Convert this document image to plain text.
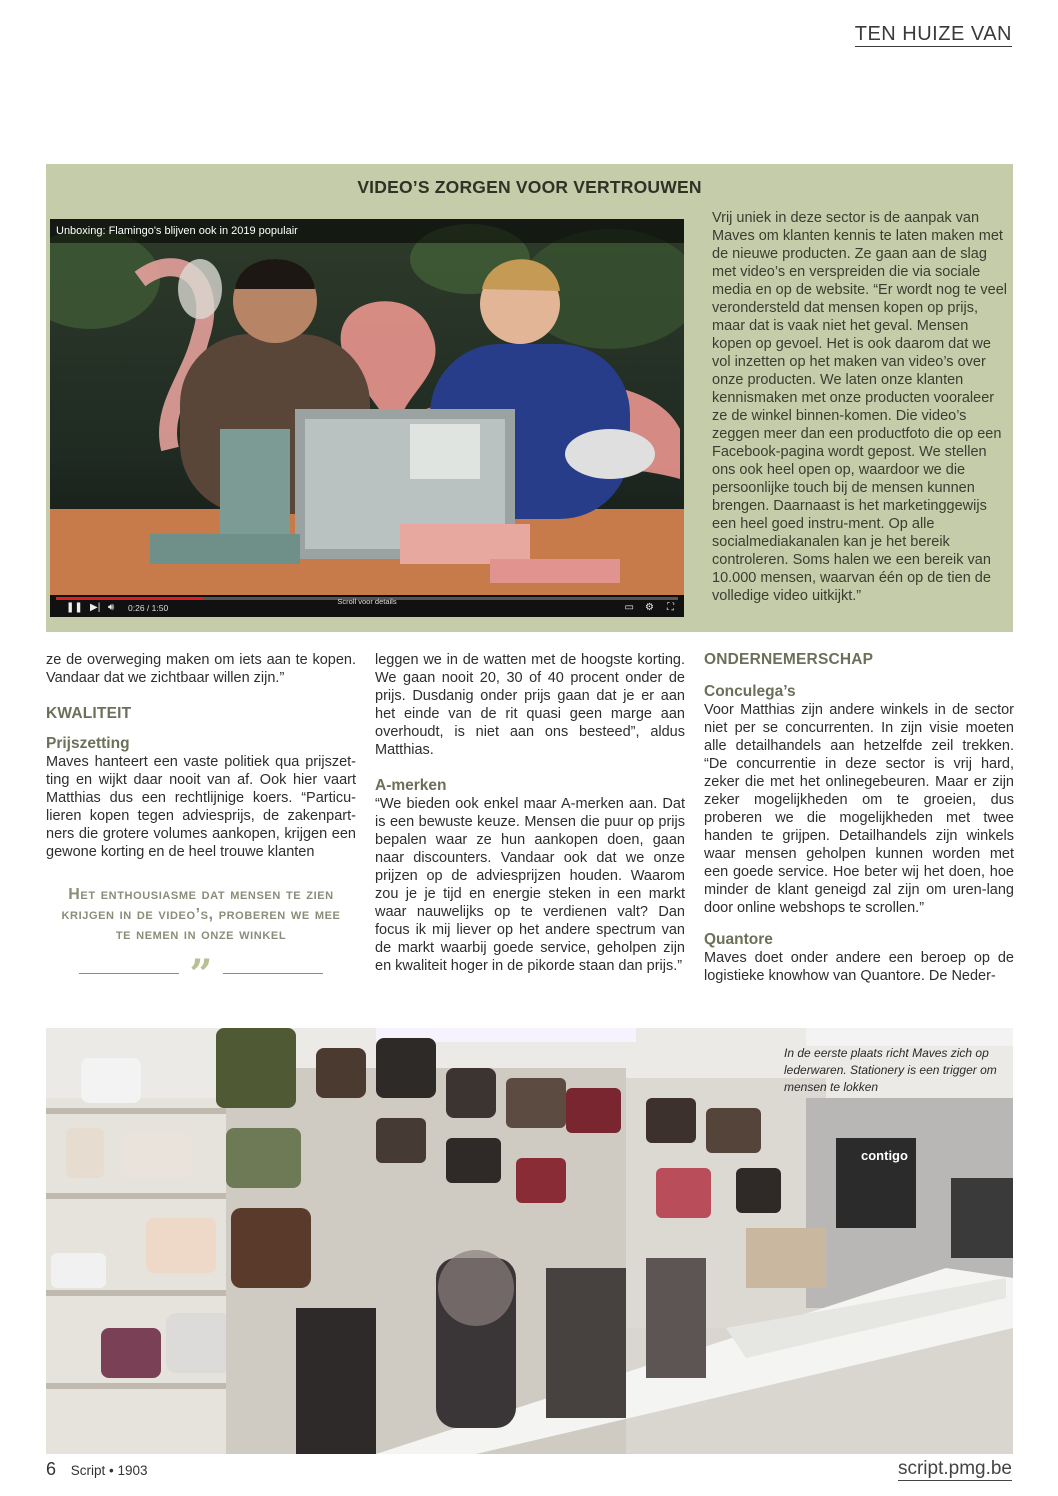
TEN HUIZE VAN
VIDEO’S ZORGEN VOOR VERTROUWEN
Unboxing: Flamingo's blijven ook in 2019 populair
❚❚ ▶| 🔊︎ 0:26 / 1:50
Scroll voor details
▭ ⚙ ⛶
Vrij uniek in deze sector is de aanpak van Maves om klanten kennis te laten maken met de nieuwe producten. Ze gaan aan de slag met video’s en verspreiden die via sociale media en op de website. “Er wordt nog te veel verondersteld dat mensen kopen op prijs, maar dat is vaak niet het geval. Mensen kopen op gevoel. Het is ook daarom dat we vol inzetten op het maken van video’s over onze producten. We laten onze klanten kennismaken met onze producten vooraleer ze de winkel binnen-komen. Die video’s zeggen meer dan een productfoto die op een Facebook-pagina wordt gepost. We stellen ons ook heel open op, waardoor we die persoonlijke touch bij de mensen kunnen brengen. Daarnaast is het marketinggewijs een heel goed instru-ment. Op alle socialmediakanalen kan je het bereik controleren. Soms halen we een bereik van 10.000 mensen, waarvan één op de tien de volledige video uitkijkt.”

ze de overweging maken om iets aan te kopen. Vandaar dat we zichtbaar willen zijn.”

KWALITEIT
Prijszetting

Maves hanteert een vaste politiek qua prijszet-ting en wijkt daar nooit van af. Ook hier vaart Matthias dus een rechtlijnige koers. “Particu-lieren kopen tegen adviesprijs, de zakenpart-ners die grotere volumes aankopen, krijgen een gewone korting en de heel trouwe klanten

Het enthousiasme dat mensen te zien krijgen in de video’s, proberen we mee te nemen in onze winkel
”

leggen we in de watten met de hoogste korting. We gaan nooit 20, 30 of 40 procent onder de prijs. Dusdanig onder prijs gaan dat je er aan het einde van de rit quasi geen marge aan overhoudt, is niet aan ons besteed”, aldus Matthias.

A-merken

“We bieden ook enkel maar A-merken aan. Dat is een bewuste keuze. Mensen die puur op prijs bepalen waar ze hun aankopen doen, gaan naar discounters. Vandaar ook dat we onze prijzen op de adviesprijzen houden. Waarom zou je je tijd en energie steken in een markt waar nauwelijks op te verdienen valt? Dan focus ik mij liever op het andere spectrum van de markt waarbij goede service, geholpen zijn en kwaliteit hoger in de pikorde staan dan prijs.”

ONDERNEMERSCHAP
Conculega’s

Voor Matthias zijn andere winkels in de sector niet per se concurrenten. In zijn visie moeten alle detailhandels aan hetzelfde zeil trekken. “De concurrentie in deze sector is vrij hard, zeker die met het onlinegebeuren. Maar er zijn zeker mogelijkheden om te groeien, dus proberen we die mogelijkheden met twee handen te grijpen. Detailhandels zijn winkels waar mensen geholpen kunnen worden met een goede service. Hoe beter wij het doen, hoe minder de klant geneigd zal zijn om uren-lang door online webshops te scrollen.”

Quantore

Maves doet onder andere een beroep op de logistieke knowhow van Quantore. De Neder-

contigo
In de eerste plaats richt Maves zich op lederwaren. Stationery is een trigger om mensen te lokken
6 Script • 1903	script.pmg.be
